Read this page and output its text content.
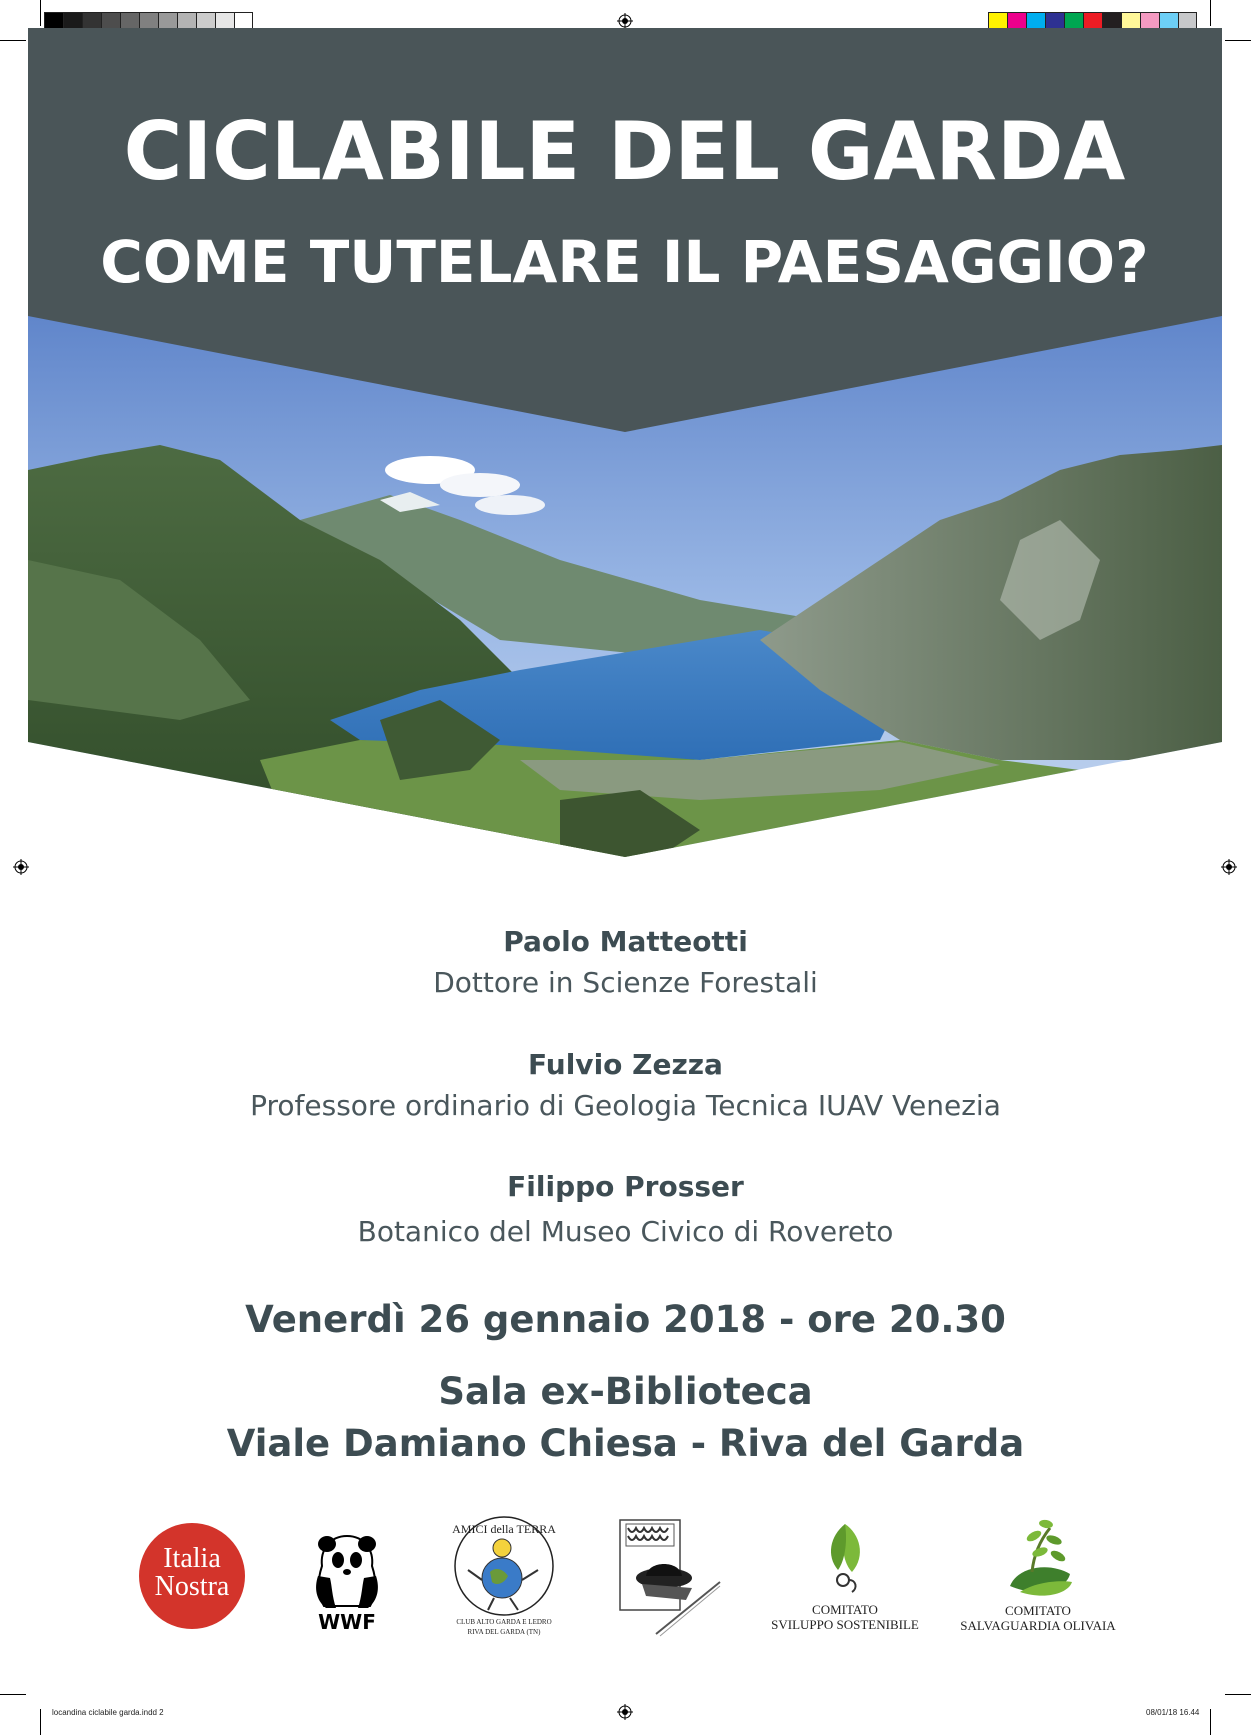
CICLABILE DEL GARDA
COME TUTELARE IL PAESAGGIO?
Paolo Matteotti
Dottore in Scienze Forestali
Fulvio Zezza
Professore ordinario di Geologia Tecnica IUAV Venezia
Filippo Prosser
Botanico del Museo Civico di Rovereto
Venerdì 26 gennaio 2018 - ore 20.30
Sala ex-Biblioteca
Viale Damiano Chiesa - Riva del Garda
Italia
Nostra
WWF
AMICI della TERRA
CLUB ALTO GARDA E LEDRO
RIVA DEL GARDA (TN)
COMITATO
SVILUPPO SOSTENIBILE
COMITATO
SALVAGUARDIA OLIVAIA
locandina ciclabile garda.indd 2	08/01/18 16.44
